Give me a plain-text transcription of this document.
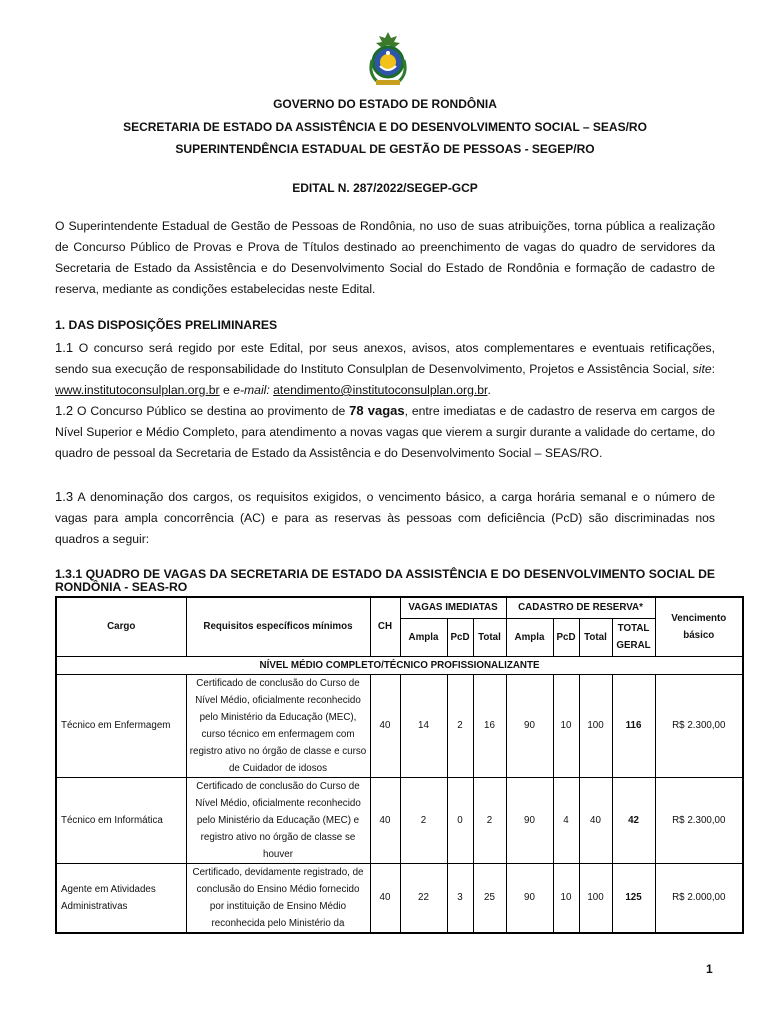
GOVERNO DO ESTADO DE RONDÔNIA
SECRETARIA DE ESTADO DA ASSISTÊNCIA E DO DESENVOLVIMENTO SOCIAL – SEAS/RO
SUPERINTENDÊNCIA ESTADUAL DE GESTÃO DE PESSOAS - SEGEP/RO
EDITAL N. 287/2022/SEGEP-GCP
O Superintendente Estadual de Gestão de Pessoas de Rondônia, no uso de suas atribuições, torna pública a realização de Concurso Público de Provas e Prova de Títulos destinado ao preenchimento de vagas do quadro de servidores da Secretaria de Estado da Assistência e do Desenvolvimento Social do Estado de Rondônia e formação de cadastro de reserva, mediante as condições estabelecidas neste Edital.
1. DAS DISPOSIÇÕES PRELIMINARES
1.1 O concurso será regido por este Edital, por seus anexos, avisos, atos complementares e eventuais retificações, sendo sua execução de responsabilidade do Instituto Consulplan de Desenvolvimento, Projetos e Assistência Social, site: www.institutoconsulplan.org.br e e-mail: atendimento@institutoconsulplan.org.br.
1.2 O Concurso Público se destina ao provimento de 78 vagas, entre imediatas e de cadastro de reserva em cargos de Nível Superior e Médio Completo, para atendimento a novas vagas que vierem a surgir durante a validade do certame, do quadro de pessoal da Secretaria de Estado da Assistência e do Desenvolvimento Social – SEAS/RO.
1.3 A denominação dos cargos, os requisitos exigidos, o vencimento básico, a carga horária semanal e o número de vagas para ampla concorrência (AC) e para as reservas às pessoas com deficiência (PcD) são discriminadas nos quadros a seguir:
1.3.1 QUADRO DE VAGAS DA SECRETARIA DE ESTADO DA ASSISTÊNCIA E DO DESENVOLVIMENTO SOCIAL DE RONDÔNIA - SEAS-RO
Cargo	Requisitos específicos mínimos	CH	VAGAS IMEDIATAS			CADASTRO DE RESERVA*				Vencimento básico
			Ampla	PcD	Total	Ampla	PcD	Total	TOTAL GERAL	
NÍVEL MÉDIO COMPLETO/TÉCNICO PROFISSIONALIZANTE										
Técnico em Enfermagem	Certificado de conclusão do Curso de Nível Médio, oficialmente reconhecido pelo Ministério da Educação (MEC), curso técnico em enfermagem com registro ativo no órgão de classe e curso de Cuidador de idosos	40	14	2	16	90	10	100	116	R$ 2.300,00
Técnico em Informática	Certificado de conclusão do Curso de Nível Médio, oficialmente reconhecido pelo Ministério da Educação (MEC) e registro ativo no órgão de classe se houver	40	2	0	2	90	4	40	42	R$ 2.300,00
Agente em Atividades Administrativas	Certificado, devidamente registrado, de conclusão do Ensino Médio fornecido por instituição de Ensino Médio reconhecida pelo Ministério da	40	22	3	25	90	10	100	125	R$ 2.000,00
1
